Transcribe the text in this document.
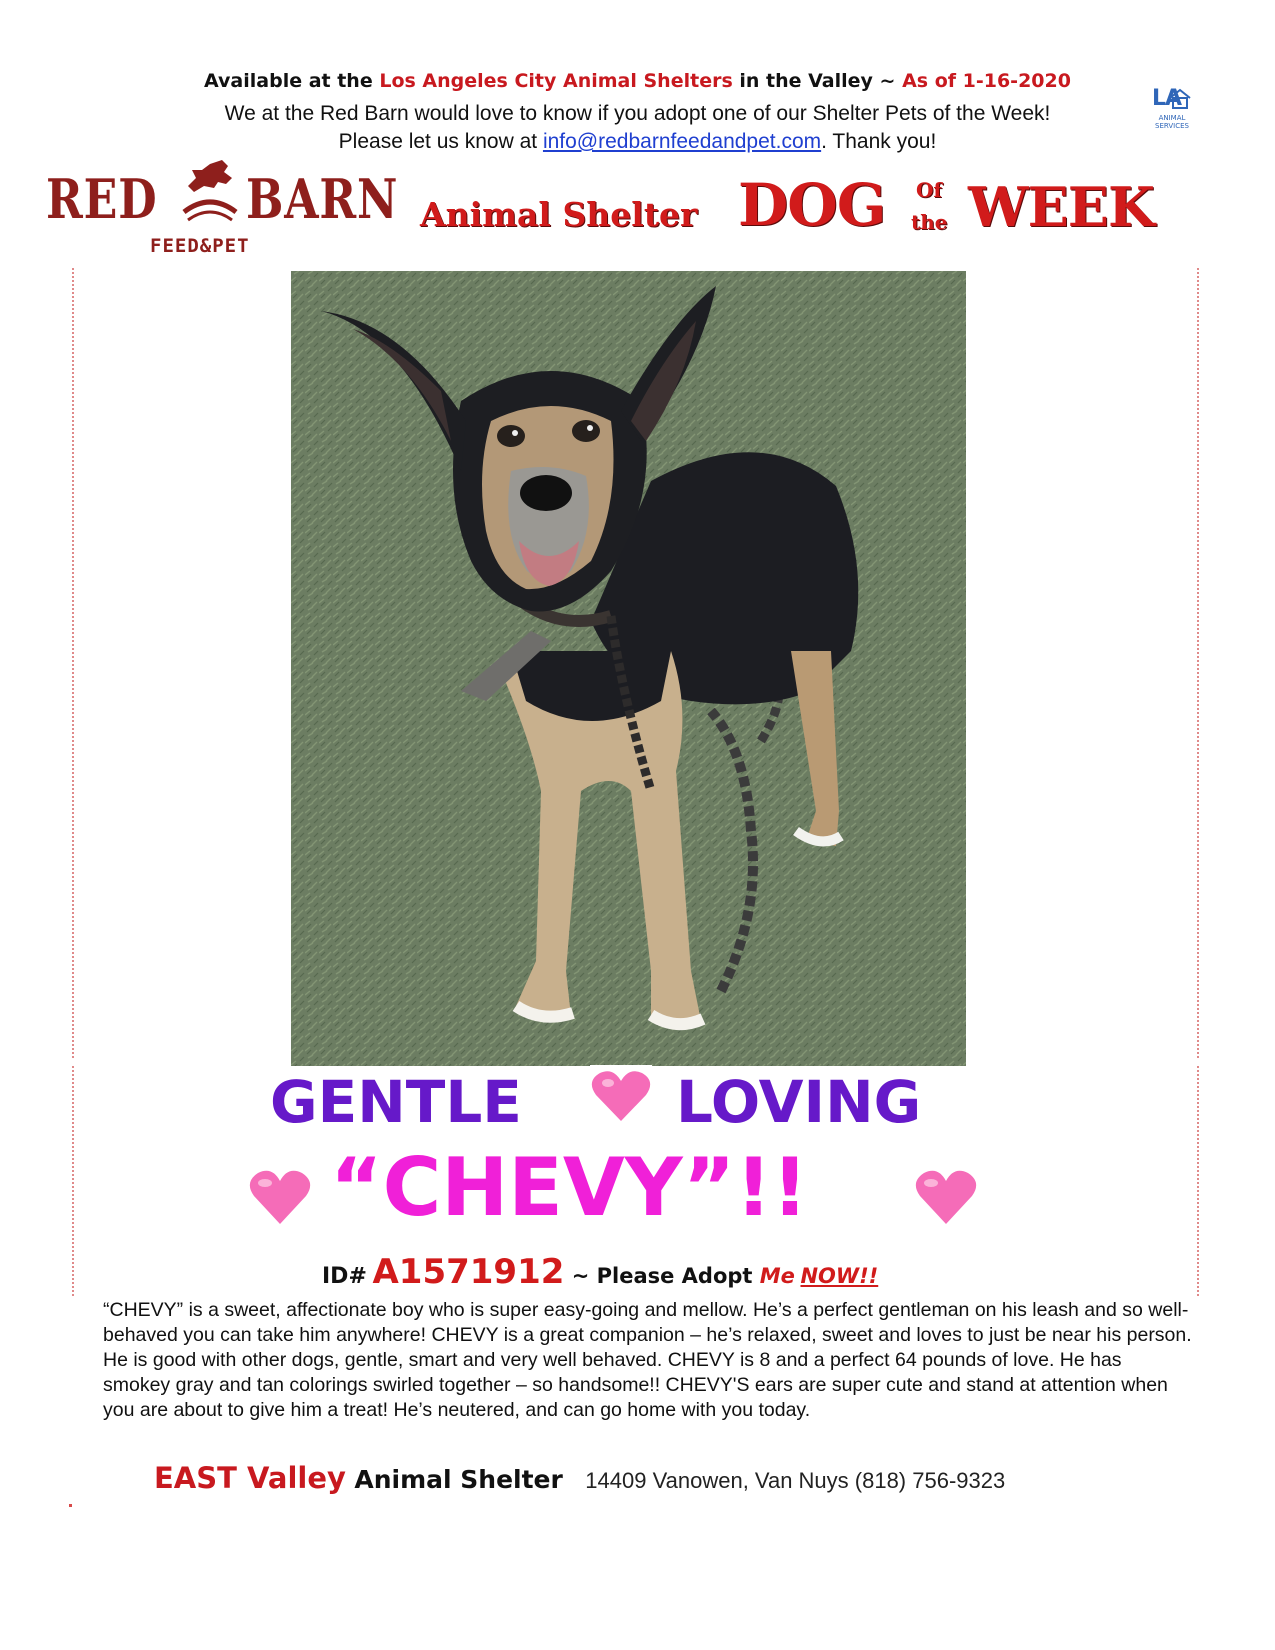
Available at the Los Angeles City Animal Shelters in the Valley ~ As of 1-16-2020
We at the Red Barn would love to know if you adopt one of our Shelter Pets of the Week!
Please let us know at info@redbarnfeedandpet.com. Thank you!
LA
ANIMAL SERVICES
RED BARN
FEED&PET
Animal Shelter DOG Of
the WEEK
GENTLE	LOVING
“CHEVY”!!
ID# A1571912 ~ Please Adopt Me NOW!!
“CHEVY” is a sweet, affectionate boy who is super easy-going and mellow. He’s a perfect gentleman on his leash and so well-behaved you can take him anywhere! CHEVY is a great companion – he’s relaxed, sweet and loves to just be near his person. He is good with other dogs, gentle, smart and very well behaved. CHEVY is 8 and a perfect 64 pounds of love. He has smokey gray and tan colorings swirled together – so handsome!! CHEVY'S ears are super cute and stand at attention when you are about to give him a treat! He’s neutered, and can go home with you today.
EAST Valley Animal Shelter 14409 Vanowen, Van Nuys (818) 756-9323
